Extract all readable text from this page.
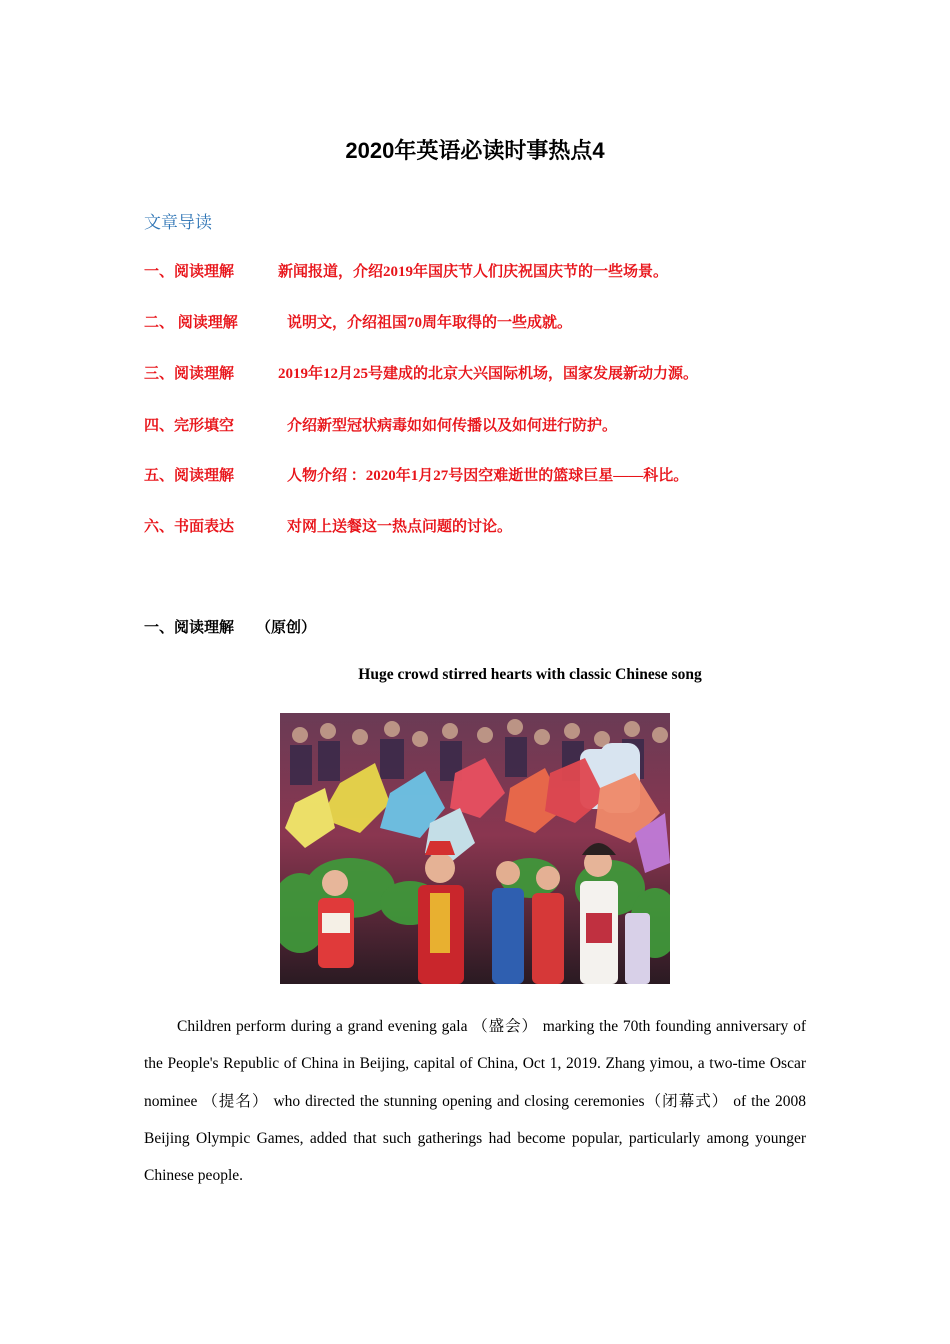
2020年英语必读时事热点4
文章导读
一、阅读理解	新闻报道，介绍2019年国庆节人们庆祝国庆节的一些场景。
二、 阅读理解	说明文，介绍祖国70周年取得的一些成就。
三、阅读理解	2019年12月25号建成的北京大兴国际机场，国家发展新动力源。
四、完形填空	介绍新型冠状病毒如如何传播以及如何进行防护。
五、阅读理解	人物介绍 ：2020年1月27号因空难逝世的篮球巨星——科比。
六、书面表达	对网上送餐这一热点问题的讨论。
一、阅读理解 （原创）
Huge crowd stirred hearts with classic Chinese song

Children perform during a grand evening gala （盛会） marking the 70th founding anniversary of the People's Republic of China in Beijing, capital of China, Oct 1, 2019. Zhang yimou, a two-time Oscar nominee （提名） who directed the stunning opening and closing ceremonies（闭幕式） of the 2008 Beijing Olympic Games, added that such gatherings had become popular, particularly among younger Chinese people.
